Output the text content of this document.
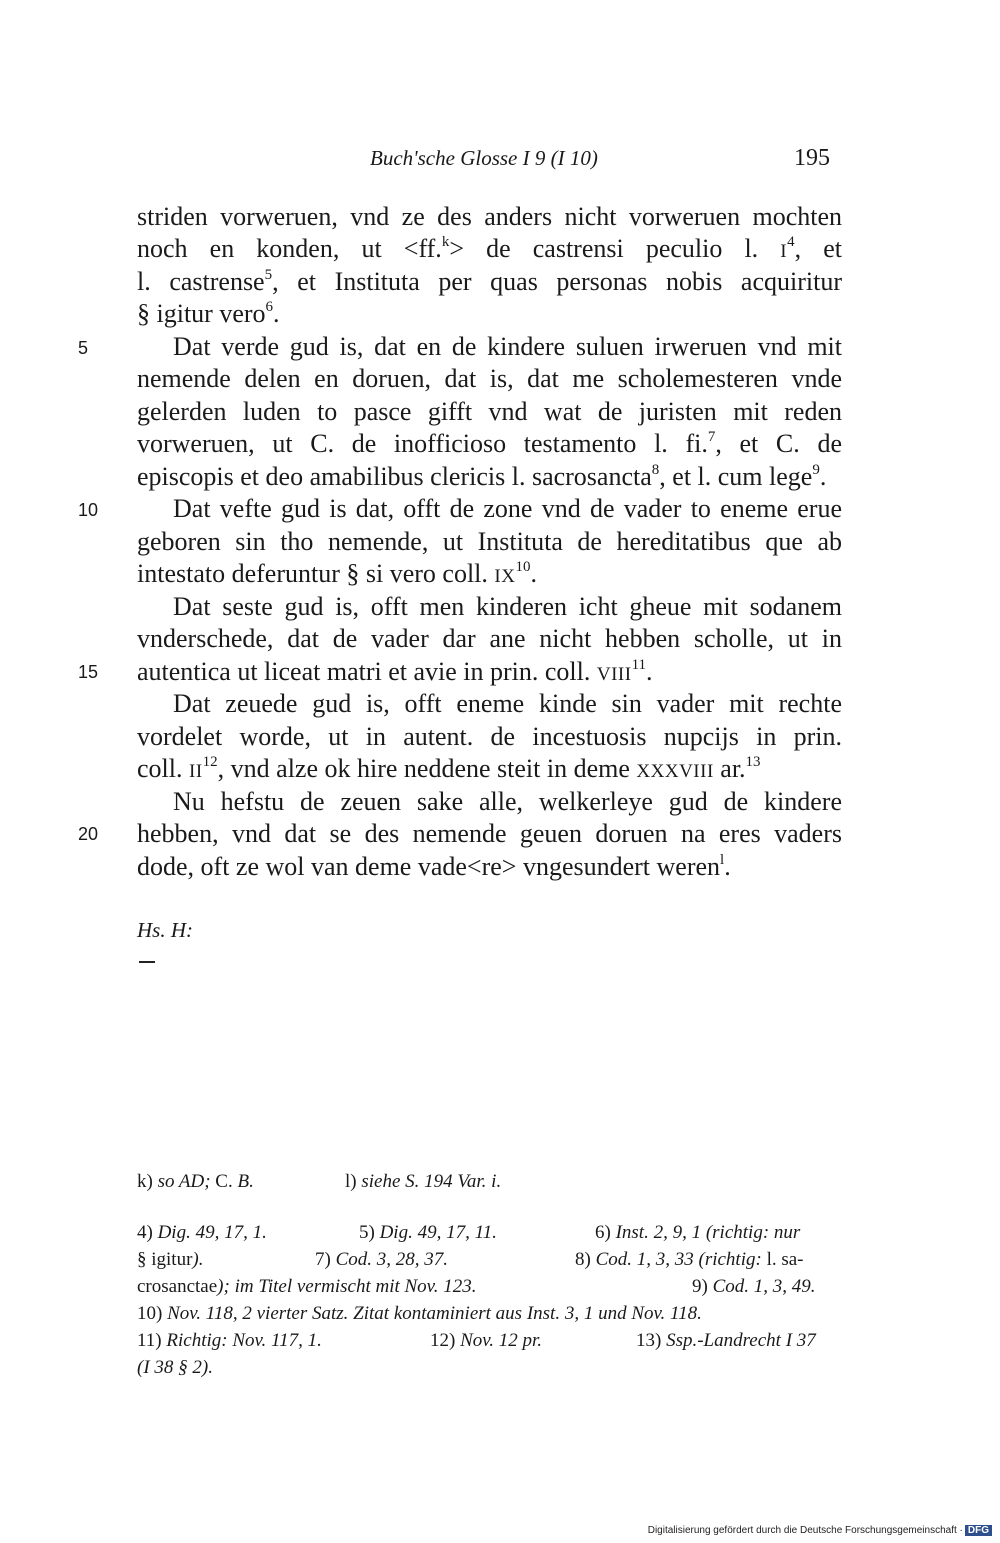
Buch'sche Glosse I 9 (I 10)	195
5
10
15
20
striden vorweruen, vnd ze des anders nicht vorweruen mochten
noch en konden, ut <ff.$^k$> de castrensi peculio l. $I^4$, et
l. castrense$^5$, et Instituta per quas personas nobis acquiritur
§ igitur vero$^6$.
Dat verde gud is, dat en de kindere suluen irweruen vnd mit
nemende delen en doruen, dat is, dat me scholemesteren vnde
gelerden luden to pasce gifft vnd wat de juristen mit reden
vorweruen, ut C. de inofficioso testamento l. fi.$^7$, et C. de
episcopis et deo amabilibus clericis l. sacrosancta$^8$, et l. cum lege$^9$.
Dat vefte gud is dat, offt de zone vnd de vader to eneme erue
geboren sin tho nemende, ut Instituta de hereditatibus que ab
intestato deferuntur § si vero coll. IX$^{10}$.
Dat seste gud is, offt men kinderen icht gheue mit sodanem
vnderschede, dat de vader dar ane nicht hebben scholle, ut in
autentica ut liceat matri et avie in prin. coll. VIII$^{11}$.
Dat zeuede gud is, offt eneme kinde sin vader mit rechte
vordelet worde, ut in autent. de incestuosis nupcijs in prin.
coll. II$^{12}$, vnd alze ok hire neddene steit in deme XXXVIII ar.$^{13}$
Nu hefstu de zeuen sake alle, welkerleye gud de kindere
hebben, vnd dat se des nemende geuen doruen na eres vaders
dode, oft ze wol van deme vade<re> vngesundert weren$^l$.
Hs. H:
k) so AD; C. B.	l) siehe S. 194 Var. i.
4) Dig. 49, 17, 1.	5) Dig. 49, 17, 11.	6) Inst. 2, 9, 1 (richtig: nur
§ igitur).	7) Cod. 3, 28, 37.	8) Cod. 1, 3, 33 (richtig: l. sa-
crosanctae); im Titel vermischt mit Nov. 123.	9) Cod. 1, 3, 49.
10) Nov. 118, 2 vierter Satz. Zitat kontaminiert aus Inst. 3, 1 und Nov. 118.
11) Richtig: Nov. 117, 1.	12) Nov. 12 pr.	13) Ssp.-Landrecht I 37
(I 38 § 2).
Digitalisierung gefördert durch die Deutsche Forschungsgemeinschaft · DFG
